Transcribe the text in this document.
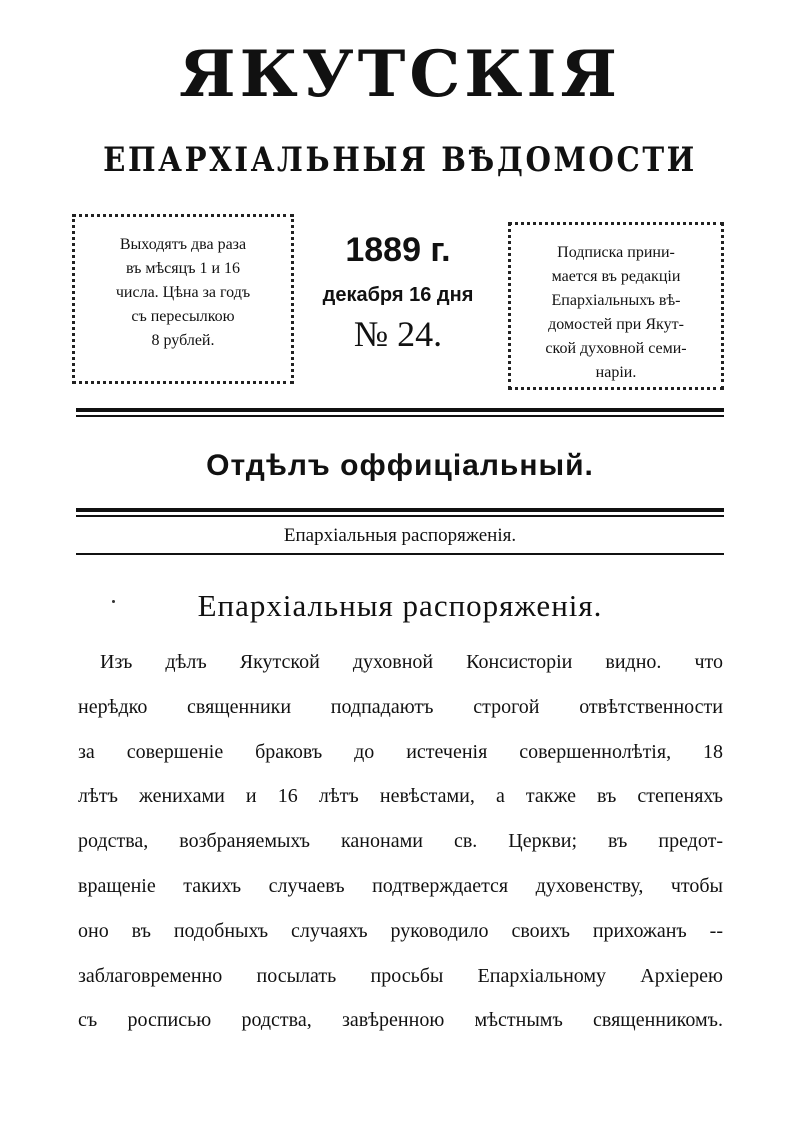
ЯКУТСКІЯ
ЕПАРХІАЛЬНЫЯ ВѢДОМОСТИ

Выходятъ два раза

въ мѣсяцъ 1 и 16

числа. Цѣна за годъ

съ пересылкою

8 рублей.

1889 г.
декабря 16 дня
№ 24.

Подписка прини-

мается въ редакціи

Епархіальныхъ вѣ-

домостей при Якут-

ской духовной семи-

наріи.

Отдѣлъ оффиціальный.
Епархіальныя распоряженія.
Епархіальныя распоряженія.
Изъ дѣлъ Якутской духовной Консисторіи видно. что
нерѣдко священники подпадаютъ строгой отвѣтственности
за совершеніе браковъ до истеченія совершеннолѣтія, 18
лѣтъ женихами и 16 лѣтъ невѣстами, а также въ степеняхъ
родства, возбраняемыхъ канонами св. Церкви; въ предот-
вращеніе такихъ случаевъ подтверждается духовенству, чтобы
оно въ подобныхъ случаяхъ руководило своихъ прихожанъ --
заблаговременно посылать просьбы Епархіальному Архіерею
съ росписью родства, завѣренною мѣстнымъ священникомъ.
